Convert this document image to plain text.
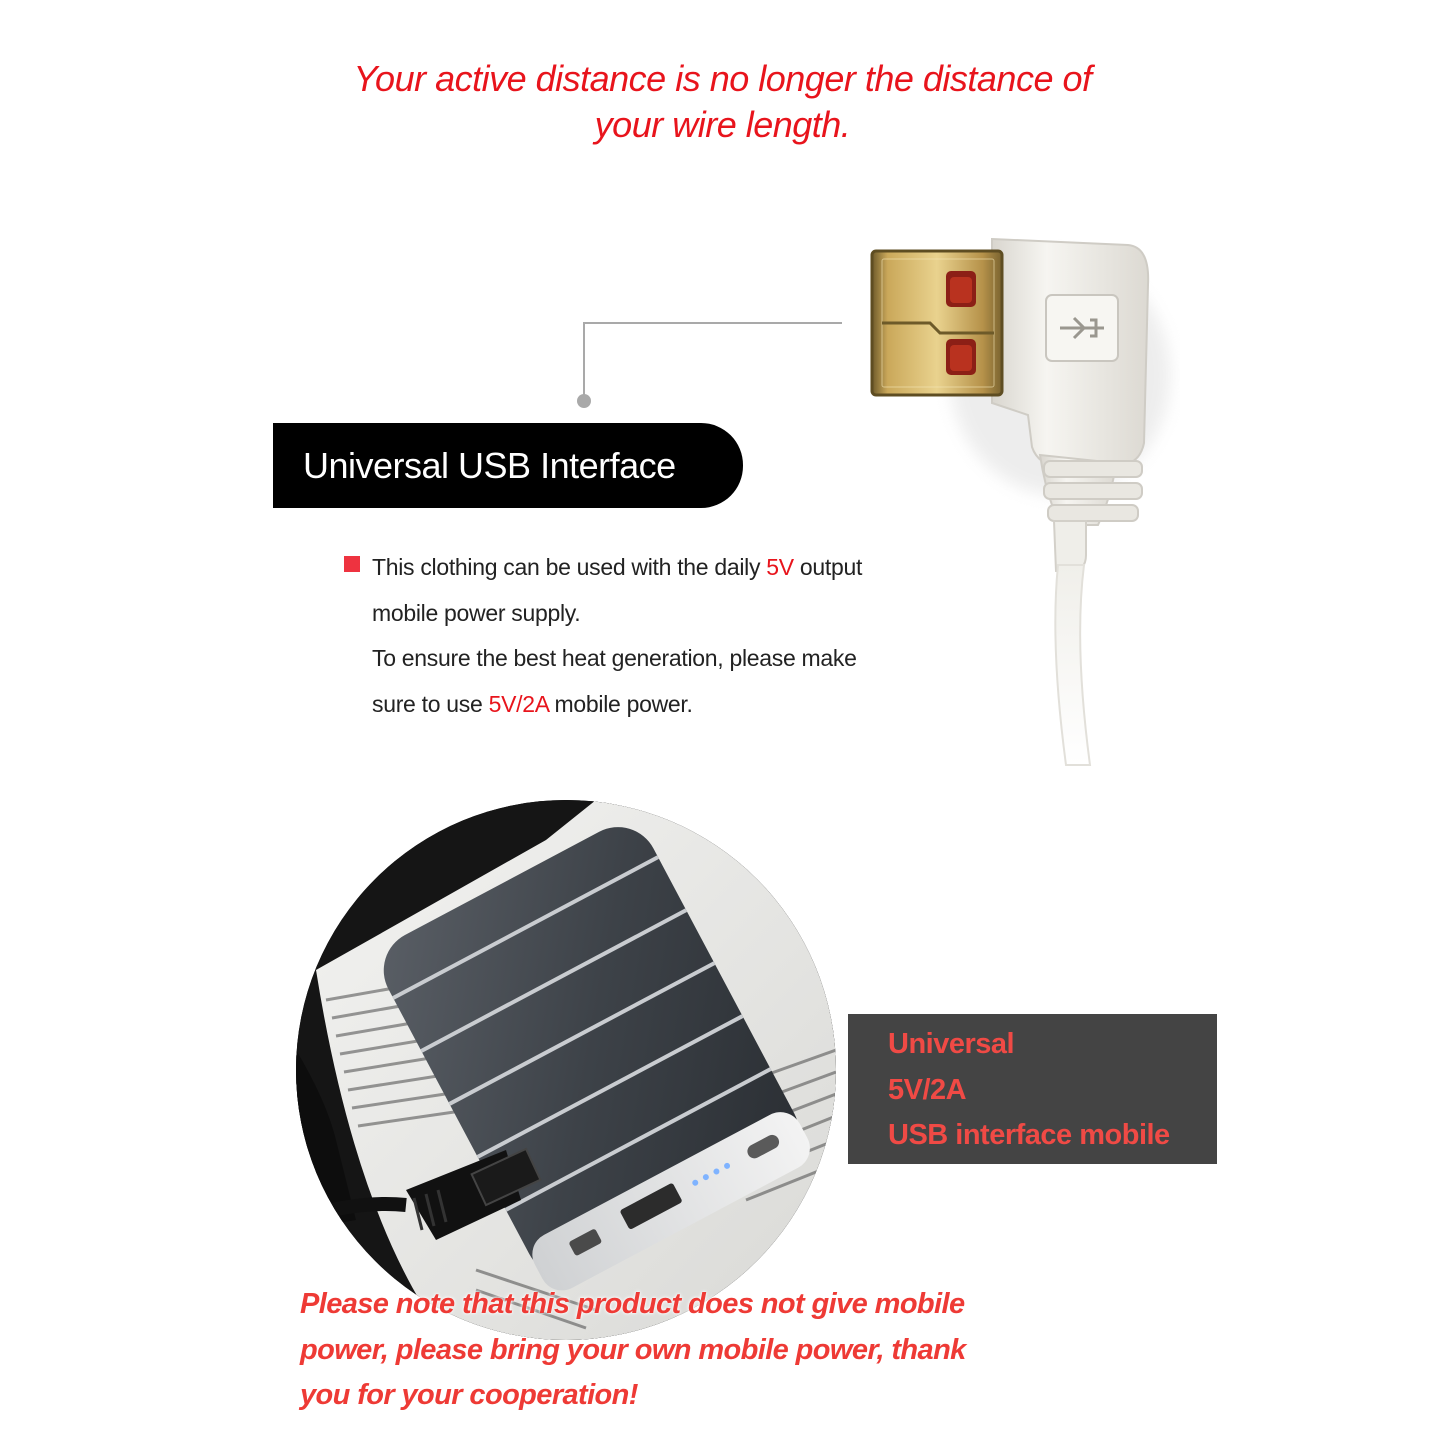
Your active distance is no longer the distance of
your wire length.
Universal USB Interface
This clothing can be used with the daily 5V output
mobile power supply.
To ensure the best heat generation, please make
sure to use 5V/2A mobile power.
Universal
5V/2A
USB interface mobile
Please note that this product does not give mobile
power, please bring your own mobile power, thank
you for your cooperation!
